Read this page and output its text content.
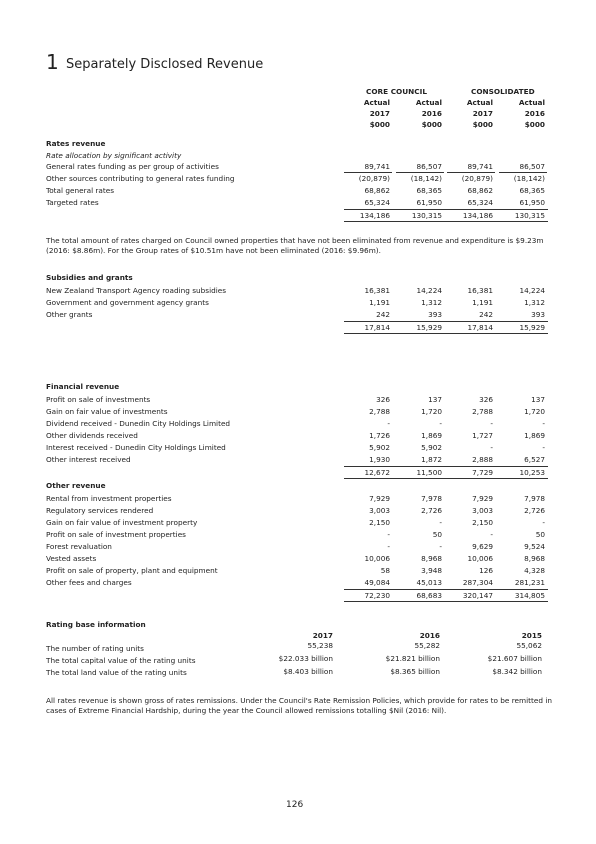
1 Separately Disclosed Revenue
CORE COUNCIL	CONSOLIDATED
Actual	Actual	Actual	Actual
2017	2016	2017	2016
$000	$000	$000	$000
Rates revenue
Rate allocation by significant activity
General rates funding as per group of activities	89,741	86,507	89,741	86,507
Other sources contributing to general rates funding	(20,879)	(18,142)	(20,879)	(18,142)
Total general rates	68,862	68,365	68,862	68,365
Targeted rates	65,324	61,950	65,324	61,950
134,186	130,315	134,186	130,315
The total amount of rates charged on Council owned properties that have not been eliminated from revenue and expenditure is $9.23m (2016: $8.86m). For the Group rates of $10.51m have not been eliminated (2016: $9.96m).
Subsidies and grants
New Zealand Transport Agency roading subsidies	16,381	14,224	16,381	14,224
Government and government agency grants	1,191	1,312	1,191	1,312
Other grants	242	393	242	393
17,814	15,929	17,814	15,929
Financial revenue
Profit on sale of investments	326	137	326	137
Gain on fair value of investments	2,788	1,720	2,788	1,720
Dividend received - Dunedin City Holdings Limited	-	-	-	-
Other dividends received	1,726	1,869	1,727	1,869
Interest received - Dunedin City Holdings Limited	5,902	5,902	-	-
Other interest received	1,930	1,872	2,888	6,527
12,672	11,500	7,729	10,253
Other revenue
Rental from investment properties	7,929	7,978	7,929	7,978
Regulatory services rendered	3,003	2,726	3,003	2,726
Gain on fair value of investment property	2,150	-	2,150	-
Profit on sale of investment properties	-	50	-	50
Forest revaluation	-	-	9,629	9,524
Vested assets	10,006	8,968	10,006	8,968
Profit on sale of property, plant and equipment	58	3,948	126	4,328
Other fees and charges	49,084	45,013	287,304	281,231
72,230	68,683	320,147	314,805
Rating base information
2017	2016	2015
The number of rating units	55,238	55,282	55,062
The total capital value of the rating units	$22.033 billion	$21.821 billion	$21.607 billion
The total land value of the rating units	$8.403 billion	$8.365 billion	$8.342 billion
All rates revenue is shown gross of rates remissions. Under the Council's Rate Remission Policies, which provide for rates to be remitted in cases of Extreme Financial Hardship, during the year the Council allowed remissions totalling $Nil (2016: Nil).
126
